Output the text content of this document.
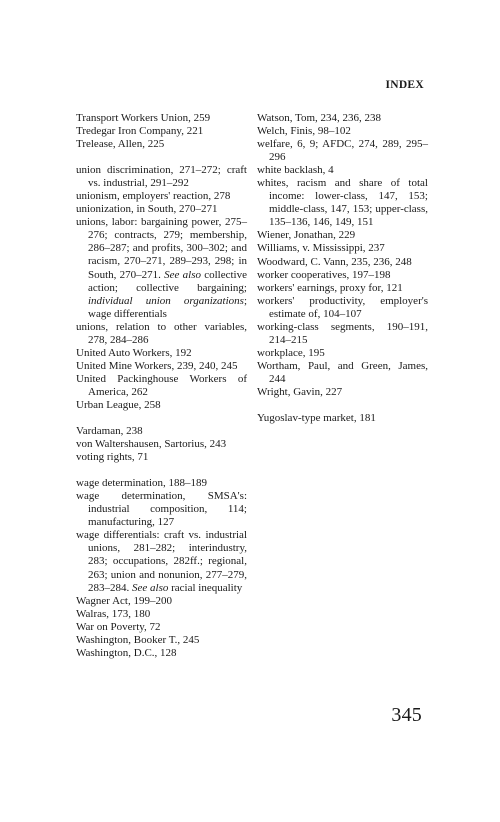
INDEX
Transport Workers Union, 259
Tredegar Iron Company, 221
Trelease, Allen, 225
union discrimination, 271–272; craft vs. industrial, 291–292
unionism, employers' reaction, 278
unionization, in South, 270–271
unions, labor: bargaining power, 275–276; contracts, 279; membership, 286–287; and profits, 300–302; and racism, 270–271, 289–293, 298; in South, 270–271. See also collective action; collective bargaining; individual union organizations; wage differentials
unions, relation to other variables, 278, 284–286
United Auto Workers, 192
United Mine Workers, 239, 240, 245
United Packinghouse Workers of America, 262
Urban League, 258
Vardaman, 238
von Waltershausen, Sartorius, 243
voting rights, 71
wage determination, 188–189
wage determination, SMSA's: industrial composition, 114; manufacturing, 127
wage differentials: craft vs. industrial unions, 281–282; interindustry, 283; occupations, 282ff.; regional, 263; union and nonunion, 277–279, 283–284. See also racial inequality
Wagner Act, 199–200
Walras, 173, 180
War on Poverty, 72
Washington, Booker T., 245
Washington, D.C., 128
Watson, Tom, 234, 236, 238
Welch, Finis, 98–102
welfare, 6, 9; AFDC, 274, 289, 295–296
white backlash, 4
whites, racism and share of total income: lower-class, 147, 153; middle-class, 147, 153; upper-class, 135–136, 146, 149, 151
Wiener, Jonathan, 229
Williams, v. Mississippi, 237
Woodward, C. Vann, 235, 236, 248
worker cooperatives, 197–198
workers' earnings, proxy for, 121
workers' productivity, employer's estimate of, 104–107
working-class segments, 190–191, 214–215
workplace, 195
Wortham, Paul, and Green, James, 244
Wright, Gavin, 227
Yugoslav-type market, 181
345
